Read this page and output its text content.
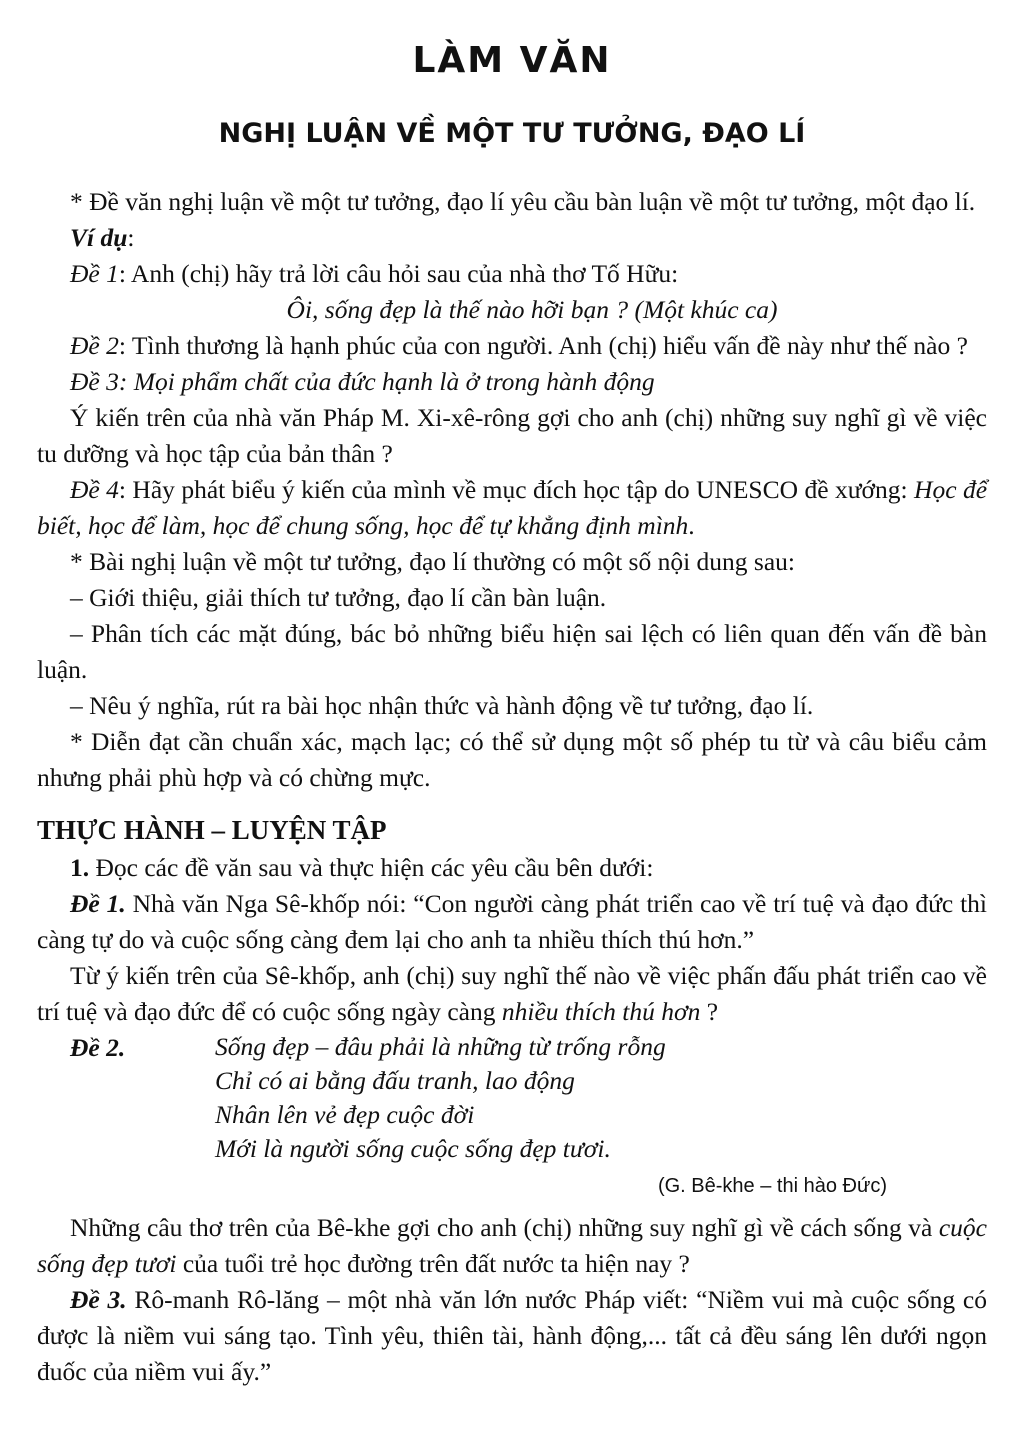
LÀM VĂN
NGHỊ LUẬN VỀ MỘT TƯ TƯỞNG, ĐẠO LÍ

* Đề văn nghị luận về một tư tưởng, đạo lí yêu cầu bàn luận về một tư tưởng, một đạo lí.

Ví dụ:

Đề 1: Anh (chị) hãy trả lời câu hỏi sau của nhà thơ Tố Hữu:

Ôi, sống đẹp là thế nào hỡi bạn ? (Một khúc ca)

Đề 2: Tình thương là hạnh phúc của con người. Anh (chị) hiểu vấn đề này như thế nào ?

Đề 3: Mọi phẩm chất của đức hạnh là ở trong hành động

Ý kiến trên của nhà văn Pháp M. Xi-xê-rông gợi cho anh (chị) những suy nghĩ gì về việc tu dưỡng và học tập của bản thân ?

Đề 4: Hãy phát biểu ý kiến của mình về mục đích học tập do UNESCO đề xướng: Học để biết, học để làm, học để chung sống, học để tự khẳng định mình.

* Bài nghị luận về một tư tưởng, đạo lí thường có một số nội dung sau:

– Giới thiệu, giải thích tư tưởng, đạo lí cần bàn luận.

– Phân tích các mặt đúng, bác bỏ những biểu hiện sai lệch có liên quan đến vấn đề bàn luận.

– Nêu ý nghĩa, rút ra bài học nhận thức và hành động về tư tưởng, đạo lí.

* Diễn đạt cần chuẩn xác, mạch lạc; có thể sử dụng một số phép tu từ và câu biểu cảm nhưng phải phù hợp và có chừng mực.

THỰC HÀNH – LUYỆN TẬP

1. Đọc các đề văn sau và thực hiện các yêu cầu bên dưới:

Đề 1. Nhà văn Nga Sê-khốp nói: “Con người càng phát triển cao về trí tuệ và đạo đức thì càng tự do và cuộc sống càng đem lại cho anh ta nhiều thích thú hơn.”

Từ ý kiến trên của Sê-khốp, anh (chị) suy nghĩ thế nào về việc phấn đấu phát triển cao về trí tuệ và đạo đức để có cuộc sống ngày càng nhiều thích thú hơn ?

Đề 2.	Sống đẹp – đâu phải là những từ trống rỗng
Chỉ có ai bằng đấu tranh, lao động
Nhân lên vẻ đẹp cuộc đời
Mới là người sống cuộc sống đẹp tươi.
(G. Bê-khe – thi hào Đức)

Những câu thơ trên của Bê-khe gợi cho anh (chị) những suy nghĩ gì về cách sống và cuộc sống đẹp tươi của tuổi trẻ học đường trên đất nước ta hiện nay ?

Đề 3. Rô-manh Rô-lăng – một nhà văn lớn nước Pháp viết: “Niềm vui mà cuộc sống có được là niềm vui sáng tạo. Tình yêu, thiên tài, hành động,... tất cả đều sáng lên dưới ngọn đuốc của niềm vui ấy.”
